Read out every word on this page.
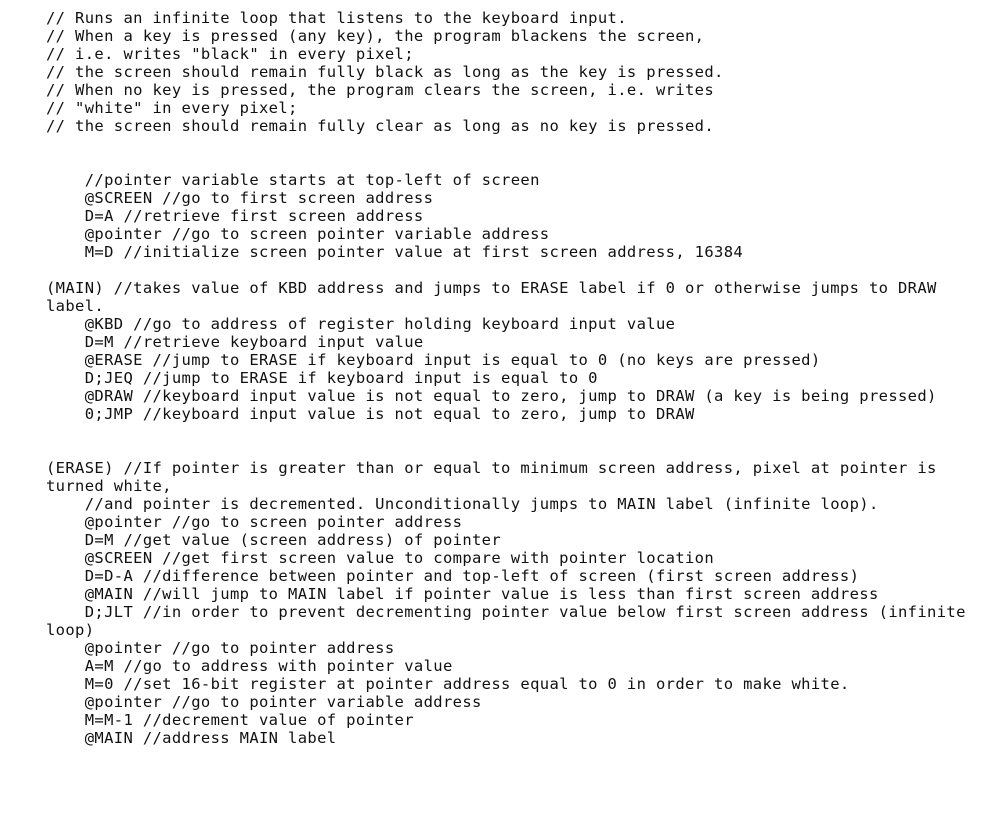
// Runs an infinite loop that listens to the keyboard input.
// When a key is pressed (any key), the program blackens the screen,
// i.e. writes "black" in every pixel;
// the screen should remain fully black as long as the key is pressed.
// When no key is pressed, the program clears the screen, i.e. writes
// "white" in every pixel;
// the screen should remain fully clear as long as no key is pressed.
//pointer variable starts at top-left of screen
@SCREEN //go to first screen address
D=A //retrieve first screen address
@pointer //go to screen pointer variable address
M=D //initialize screen pointer value at first screen address, 16384
(MAIN) //takes value of KBD address and jumps to ERASE label if 0 or otherwise jumps to DRAW
label.
@KBD //go to address of register holding keyboard input value
D=M //retrieve keyboard input value
@ERASE //jump to ERASE if keyboard input is equal to 0 (no keys are pressed)
D;JEQ //jump to ERASE if keyboard input is equal to 0
@DRAW //keyboard input value is not equal to zero, jump to DRAW (a key is being pressed)
0;JMP //keyboard input value is not equal to zero, jump to DRAW
(ERASE) //If pointer is greater than or equal to minimum screen address, pixel at pointer is
turned white,
//and pointer is decremented. Unconditionally jumps to MAIN label (infinite loop).
@pointer //go to screen pointer address
D=M //get value (screen address) of pointer
@SCREEN //get first screen value to compare with pointer location
D=D-A //difference between pointer and top-left of screen (first screen address)
@MAIN //will jump to MAIN label if pointer value is less than first screen address
D;JLT //in order to prevent decrementing pointer value below first screen address (infinite
loop)
@pointer //go to pointer address
A=M //go to address with pointer value
M=0 //set 16-bit register at pointer address equal to 0 in order to make white.
@pointer //go to pointer variable address
M=M-1 //decrement value of pointer
@MAIN //address MAIN label
